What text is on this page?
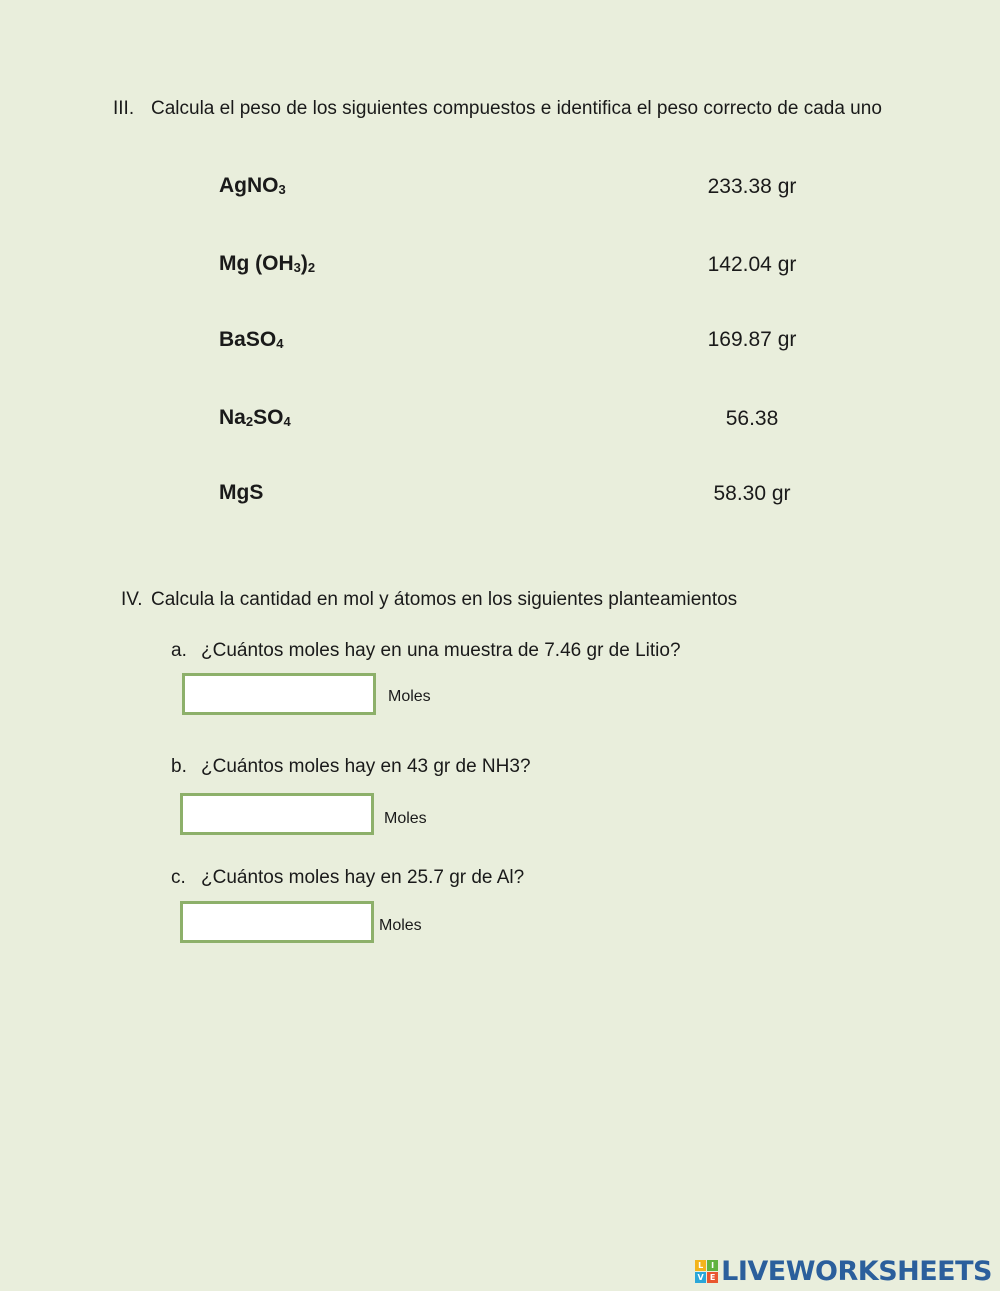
III. Calcula el peso de los siguientes compuestos e identifica el peso correcto de cada uno
AgNO$_3$
Mg $(OH_3)_2$
BaSO$_4$
$Na_2SO_4$
MgS
233.38 gr
142.04 gr
169.87 gr
56.38
58.30 gr
IV. Calcula la cantidad en mol y átomos en los siguientes planteamientos
a. ¿Cuántos moles hay en una muestra de 7.46 gr de Litio?
Moles
b. ¿Cuántos moles hay en 43 gr de NH3?
Moles
c. ¿Cuántos moles hay en 25.7 gr de Al?
Moles
L I
V E LIVEWORKSHEETS
